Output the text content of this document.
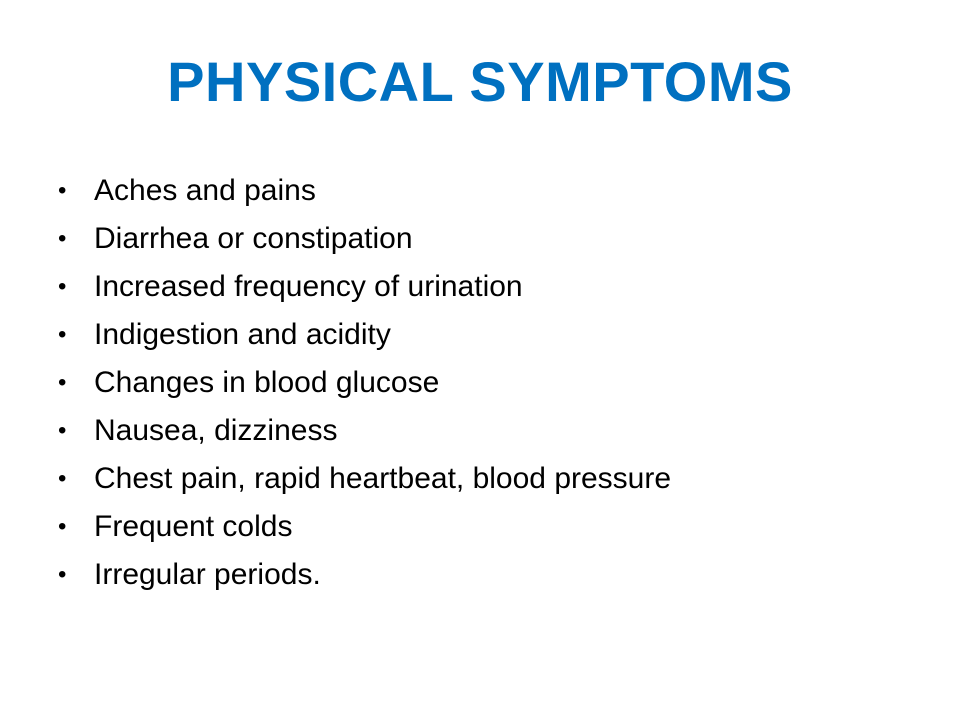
PHYSICAL SYMPTOMS
• Aches and pains
• Diarrhea or constipation
• Increased frequency of urination
• Indigestion and acidity
• Changes in blood glucose
• Nausea, dizziness
• Chest pain, rapid heartbeat, blood pressure
• Frequent colds
• Irregular periods.
